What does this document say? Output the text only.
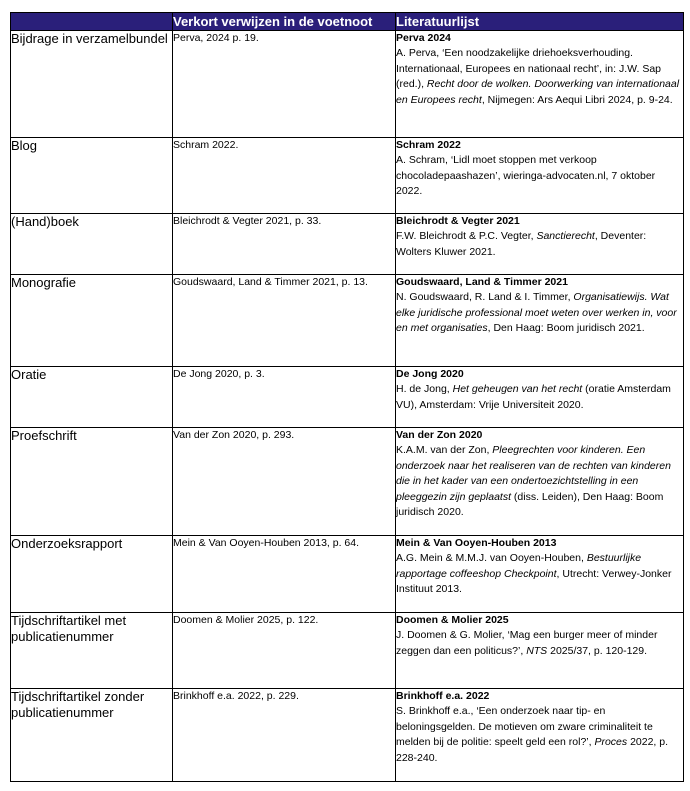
	Verkort verwijzen in de voetnoot	Literatuurlijst
Bijdrage in verzamelbundel	Perva, 2024 p. 19.	Perva 2024
A. Perva, ‘Een noodzakelijke driehoeksverhouding. Internationaal, Europees en nationaal recht’, in: J.W. Sap (red.), Recht door de wolken. Doorwerking van internationaal en Europees recht, Nijmegen: Ars Aequi Libri 2024, p. 9-24.
Blog	Schram 2022.	Schram 2022
A. Schram, ‘Lidl moet stoppen met verkoop chocoladepaashazen’, wieringa-advocaten.nl, 7 oktober 2022.
(Hand)boek	Bleichrodt & Vegter 2021, p. 33.	Bleichrodt & Vegter 2021
F.W. Bleichrodt & P.C. Vegter, Sanctierecht, Deventer: Wolters Kluwer 2021.
Monografie	Goudswaard, Land & Timmer 2021, p. 13.	Goudswaard, Land & Timmer 2021
N. Goudswaard, R. Land & I. Timmer, Organisatiewijs. Wat elke juridische professional moet weten over werken in, voor en met organisaties, Den Haag: Boom juridisch 2021.
Oratie	De Jong 2020, p. 3.	De Jong 2020
H. de Jong, Het geheugen van het recht (oratie Amsterdam VU), Amsterdam: Vrije Universiteit 2020.
Proefschrift	Van der Zon 2020, p. 293.	Van der Zon 2020
K.A.M. van der Zon, Pleegrechten voor kinderen. Een onderzoek naar het realiseren van de rechten van kinderen die in het kader van een ondertoezichtstelling in een pleeggezin zijn geplaatst (diss. Leiden), Den Haag: Boom juridisch 2020.
Onderzoeksrapport	Mein & Van Ooyen-Houben 2013, p. 64.	Mein & Van Ooyen-Houben 2013
A.G. Mein & M.M.J. van Ooyen-Houben, Bestuurlijke rapportage coffeeshop Checkpoint, Utrecht: Verwey-Jonker Instituut 2013.
Tijdschriftartikel met publicatienummer	Doomen & Molier 2025, p. 122.	Doomen & Molier 2025
J. Doomen & G. Molier, ‘Mag een burger meer of minder zeggen dan een politicus?’, NTS 2025/37, p. 120-129.
Tijdschriftartikel zonder publicatienummer	Brinkhoff e.a. 2022, p. 229.	Brinkhoff e.a. 2022
S. Brinkhoff e.a., ‘Een onderzoek naar tip- en beloningsgelden. De motieven om zware criminaliteit te melden bij de politie: speelt geld een rol?’, Proces 2022, p. 228-240.
